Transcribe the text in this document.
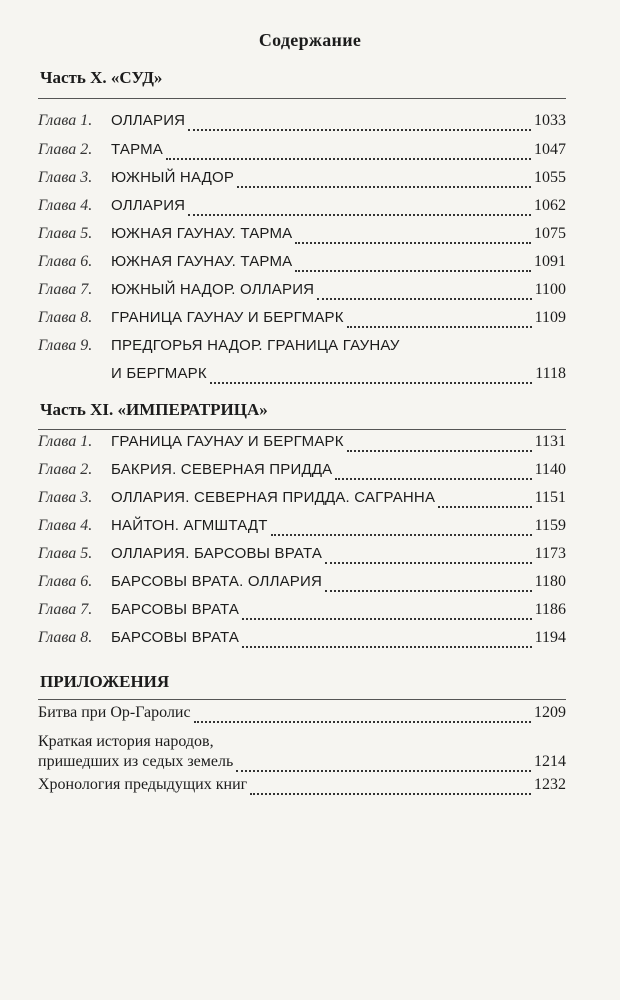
Содержание
Часть X. «СУД»
Глава 1.	ОЛЛАРИЯ	1033
Глава 2.	ТАРМА	1047
Глава 3.	ЮЖНЫЙ НАДОР	1055
Глава 4.	ОЛЛАРИЯ	1062
Глава 5.	ЮЖНАЯ ГАУНАУ. ТАРМА	1075
Глава 6.	ЮЖНАЯ ГАУНАУ. ТАРМА	1091
Глава 7.	ЮЖНЫЙ НАДОР. ОЛЛАРИЯ	1100
Глава 8.	ГРАНИЦА ГАУНАУ И БЕРГМАРК	1109
Глава 9.	ПРЕДГОРЬЯ НАДОР. ГРАНИЦА ГАУНАУ
И БЕРГМАРК	1118
Часть XI. «ИМПЕРАТРИЦА»
Глава 1.	ГРАНИЦА ГАУНАУ И БЕРГМАРК	1131
Глава 2.	БАКРИЯ. СЕВЕРНАЯ ПРИДДА	1140
Глава 3.	ОЛЛАРИЯ. СЕВЕРНАЯ ПРИДДА. САГРАННА	1151
Глава 4.	НАЙТОН. АГМШТАДТ	1159
Глава 5.	ОЛЛАРИЯ. БАРСОВЫ ВРАТА	1173
Глава 6.	БАРСОВЫ ВРАТА. ОЛЛАРИЯ	1180
Глава 7.	БАРСОВЫ ВРАТА	1186
Глава 8.	БАРСОВЫ ВРАТА	1194
ПРИЛОЖЕНИЯ
Битва при Ор-Гаролис	1209
Краткая история народов,
пришедших из седых земель	1214
Хронология предыдущих книг	1232
